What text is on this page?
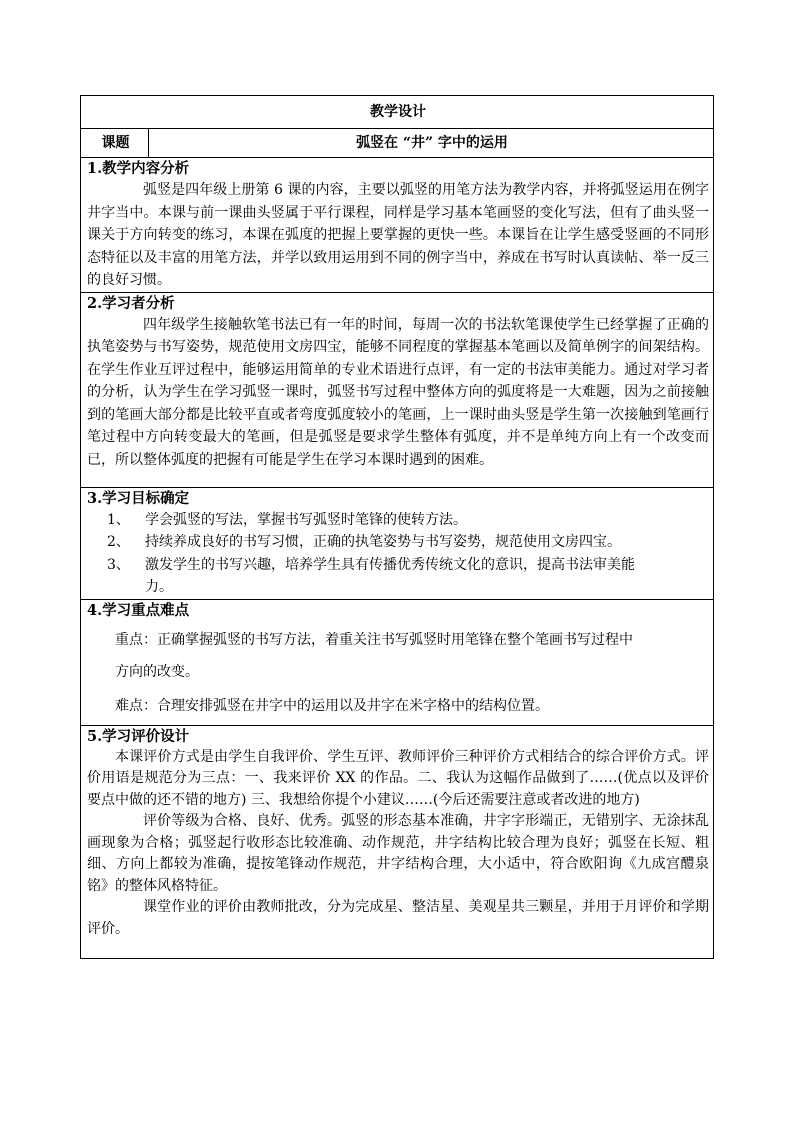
教学设计
课题	弧竖在 “井” 字中的运用

1.教学内容分析

弧竖是四年级上册第 6 课的内容，主要以弧竖的用笔方法为教学内容，并将弧竖运用在例字井字当中。本课与前一课曲头竖属于平行课程，同样是学习基本笔画竖的变化写法，但有了曲头竖一课关于方向转变的练习，本课在弧度的把握上要掌握的更快一些。本课旨在让学生感受竖画的不同形态特征以及丰富的用笔方法，并学以致用运用到不同的例字当中，养成在书写时认真读帖、举一反三的良好习惯。

2.学习者分析

四年级学生接触软笔书法已有一年的时间，每周一次的书法软笔课使学生已经掌握了正确的执笔姿势与书写姿势，规范使用文房四宝，能够不同程度的掌握基本笔画以及简单例字的间架结构。在学生作业互评过程中，能够运用简单的专业术语进行点评，有一定的书法审美能力。通过对学习者的分析，认为学生在学习弧竖一课时，弧竖书写过程中整体方向的弧度将是一大难题，因为之前接触到的笔画大部分都是比较平直或者弯度弧度较小的笔画，上一课时曲头竖是学生第一次接触到笔画行笔过程中方向转变最大的笔画，但是弧竖是要求学生整体有弧度，并不是单纯方向上有一个改变而已，所以整体弧度的把握有可能是学生在学习本课时遇到的困难。

3.学习目标确定
1、	学会弧竖的写法，掌握书写弧竖时笔锋的使转方法。
2、	持续养成良好的书写习惯，正确的执笔姿势与书写姿势，规范使用文房四宝。
3、	激发学生的书写兴趣，培养学生具有传播优秀传统文化的意识，提高书法审美能
力。

4.学习重点难点

重点：正确掌握弧竖的书写方法，着重关注书写弧竖时用笔锋在整个笔画书写过程中

方向的改变。

难点：合理安排弧竖在井字中的运用以及井字在米字格中的结构位置。

5.学习评价设计

本课评价方式是由学生自我评价、学生互评、教师评价三种评价方式相结合的综合评价方式。评价用语是规范分为三点：一、我来评价 XX 的作品。二、我认为这幅作品做到了……(优点以及评价要点中做的还不错的地方) 三、我想给你提个小建议……(今后还需要注意或者改进的地方)

评价等级为合格、良好、优秀。弧竖的形态基本准确，井字字形端正，无错别字、无涂抹乱画现象为合格；弧竖起行收形态比较准确、动作规范，井字结构比较合理为良好；弧竖在长短、粗细、方向上都较为准确，提按笔锋动作规范，井字结构合理，大小适中，符合欧阳询《九成宫醴泉铭》的整体风格特征。

课堂作业的评价由教师批改，分为完成星、整洁星、美观星共三颗星，并用于月评价和学期评价。
